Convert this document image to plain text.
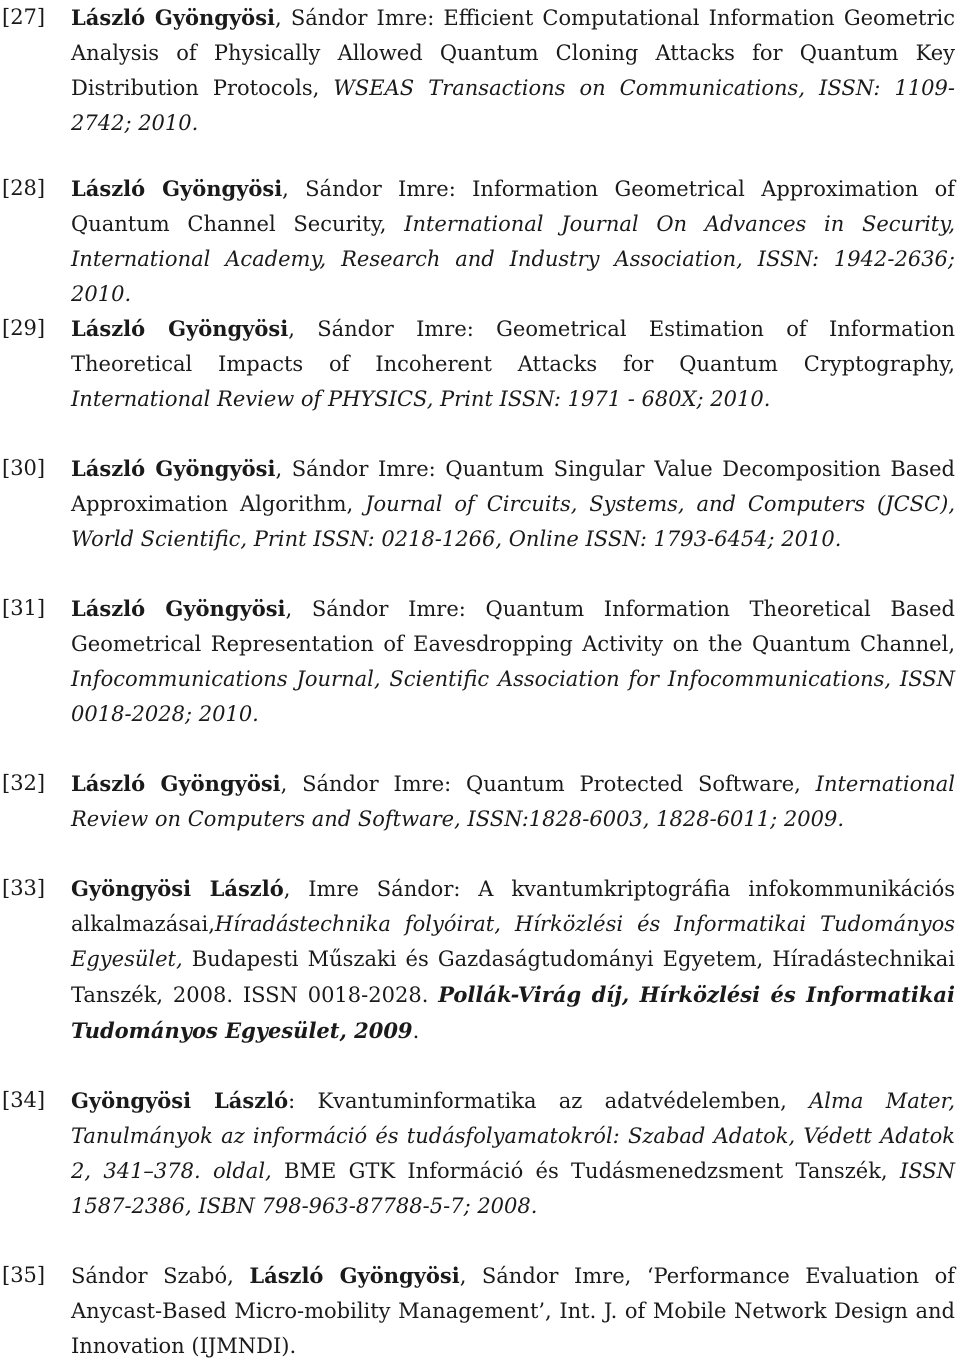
[27] László Gyöngyösi, Sándor Imre: Efficient Computational Information Geometric Analysis of Physically Allowed Quantum Cloning Attacks for Quantum Key Distribution Protocols, WSEAS Transactions on Communications, ISSN: 1109-2742; 2010.
[28] László Gyöngyösi, Sándor Imre: Information Geometrical Approximation of Quantum Channel Security, International Journal On Advances in Security, International Academy, Research and Industry Association, ISSN: 1942-2636; 2010.
[29] László Gyöngyösi, Sándor Imre: Geometrical Estimation of Information Theoretical Impacts of Incoherent Attacks for Quantum Cryptography, International Review of PHYSICS, Print ISSN: 1971 - 680X; 2010.
[30] László Gyöngyösi, Sándor Imre: Quantum Singular Value Decomposition Based Approximation Algorithm, Journal of Circuits, Systems, and Computers (JCSC), World Scientific, Print ISSN: 0218-1266, Online ISSN: 1793-6454; 2010.
[31] László Gyöngyösi, Sándor Imre: Quantum Information Theoretical Based Geometrical Representation of Eavesdropping Activity on the Quantum Channel, Infocommunications Journal, Scientific Association for Infocommunications, ISSN 0018-2028; 2010.
[32] László Gyöngyösi, Sándor Imre: Quantum Protected Software, International Review on Computers and Software, ISSN:1828-6003, 1828-6011; 2009.
[33] Gyöngyösi László, Imre Sándor: A kvantumkriptográfia infokommunikációs alkalmazásai,Híradástechnika folyóirat, Hírközlési és Informatikai Tudományos Egyesület, Budapesti Műszaki és Gazdaságtudományi Egyetem, Híradástechnikai Tanszék, 2008. ISSN 0018-2028. Pollák-Virág díj, Hírközlési és Informatikai Tudományos Egyesület, 2009.
[34] Gyöngyösi László: Kvantuminformatika az adatvédelemben, Alma Mater, Tanulmányok az információ és tudásfolyamatokról: Szabad Adatok, Védett Adatok 2, 341–378. oldal, BME GTK Információ és Tudásmenedzsment Tanszék, ISSN 1587-2386, ISBN 798-963-87788-5-7; 2008.
[35] Sándor Szabó, László Gyöngyösi, Sándor Imre, ‘Performance Evaluation of Anycast-Based Micro-mobility Management’, Int. J. of Mobile Network Design and Innovation (IJMNDI).
